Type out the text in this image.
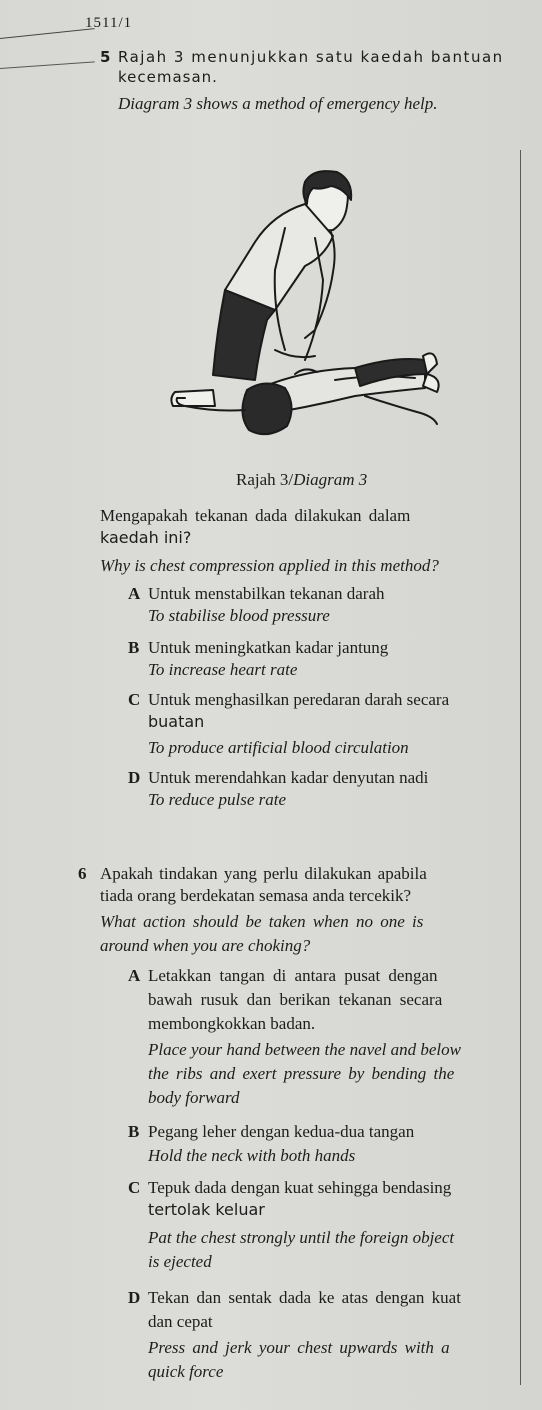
1511/1
5 Rajah 3 menunjukkan satu kaedah bantuan
kecemasan.
Diagram 3 shows a method of emergency help.
Rajah 3/Diagram 3
Mengapakah tekanan dada dilakukan dalam
kaedah ini?
Why is chest compression applied in this method?
A Untuk menstabilkan tekanan darah
To stabilise blood pressure
B Untuk meningkatkan kadar jantung
To increase heart rate
C Untuk menghasilkan peredaran darah secara
buatan
To produce artificial blood circulation
D Untuk merendahkan kadar denyutan nadi
To reduce pulse rate
6 Apakah tindakan yang perlu dilakukan apabila
tiada orang berdekatan semasa anda tercekik?
What action should be taken when no one is
around when you are choking?
A Letakkan tangan di antara pusat dengan
bawah rusuk dan berikan tekanan secara
membongkokkan badan.
Place your hand between the navel and below
the ribs and exert pressure by bending the
body forward
B Pegang leher dengan kedua-dua tangan
Hold the neck with both hands
C Tepuk dada dengan kuat sehingga bendasing
tertolak keluar
Pat the chest strongly until the foreign object
is ejected
D Tekan dan sentak dada ke atas dengan kuat
dan cepat
Press and jerk your chest upwards with a
quick force
